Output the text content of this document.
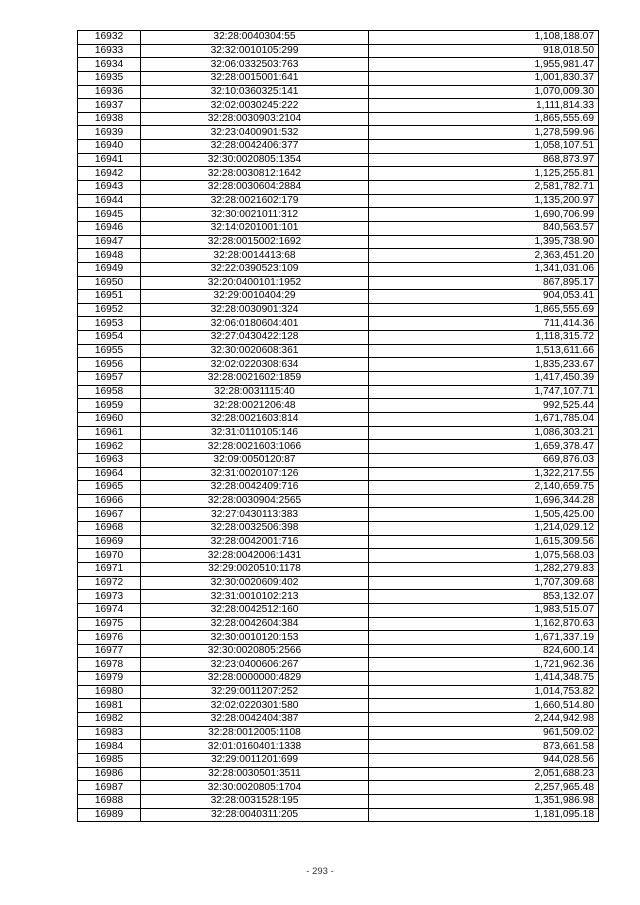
16932	32:28:0040304:55	1,108,188.07
16933	32:32:0010105:299	918,018.50
16934	32:06:0332503:763	1,955,981.47
16935	32:28:0015001:641	1,001,830.37
16936	32:10:0360325:141	1,070,009.30
16937	32:02:0030245:222	1,111,814.33
16938	32:28:0030903:2104	1,865,555.69
16939	32:23:0400901:532	1,278,599.96
16940	32:28:0042406:377	1,058,107.51
16941	32:30:0020805:1354	868,873.97
16942	32:28:0030812:1642	1,125,255.81
16943	32:28:0030604:2884	2,581,782.71
16944	32:28:0021602:179	1,135,200.97
16945	32:30:0021011:312	1,690,706.99
16946	32:14:0201001:101	840,563.57
16947	32:28:0015002:1692	1,395,738.90
16948	32:28:0014413:68	2,363,451.20
16949	32:22:0390523:109	1,341,031.06
16950	32:20:0400101:1952	867,895.17
16951	32:29:0010404:29	904,053.41
16952	32:28:0030901:324	1,865,555.69
16953	32:06:0180604:401	711,414.36
16954	32:27:0430422:128	1,118,315.72
16955	32:30:0020608:361	1,513,611.66
16956	32:02:0220308:634	1,835,233.67
16957	32:28:0021602:1859	1,417,450.39
16958	32:28:0031115:40	1,747,107.71
16959	32:28:0021206:48	992,525.44
16960	32:28:0021603:814	1,671,785.04
16961	32:31:0110105:146	1,086,303.21
16962	32:28:0021603:1066	1,659,378.47
16963	32:09:0050120:87	669,876.03
16964	32:31:0020107:126	1,322,217.55
16965	32:28:0042409:716	2,140,659.75
16966	32:28:0030904:2565	1,696,344.28
16967	32:27:0430113:383	1,505,425.00
16968	32:28:0032506:398	1,214,029.12
16969	32:28:0042001:716	1,615,309.56
16970	32:28:0042006:1431	1,075,568.03
16971	32:29:0020510:1178	1,282,279.83
16972	32:30:0020609:402	1,707,309.68
16973	32:31:0010102:213	853,132.07
16974	32:28:0042512:160	1,983,515.07
16975	32:28:0042604:384	1,162,870.63
16976	32:30:0010120:153	1,671,337.19
16977	32:30:0020805:2566	824,600.14
16978	32:23:0400606:267	1,721,962.36
16979	32:28:0000000:4829	1,414,348.75
16980	32:29:0011207:252	1,014,753.82
16981	32:02:0220301:580	1,660,514.80
16982	32:28:0042404:387	2,244,942.98
16983	32:28:0012005:1108	961,509.02
16984	32:01:0160401:1338	873,661.58
16985	32:29:0011201:699	944,028.56
16986	32:28:0030501:3511	2,051,688.23
16987	32:30:0020805:1704	2,257,965.48
16988	32:28:0031528:195	1,351,986.98
16989	32:28:0040311:205	1,181,095.18
- 293 -
